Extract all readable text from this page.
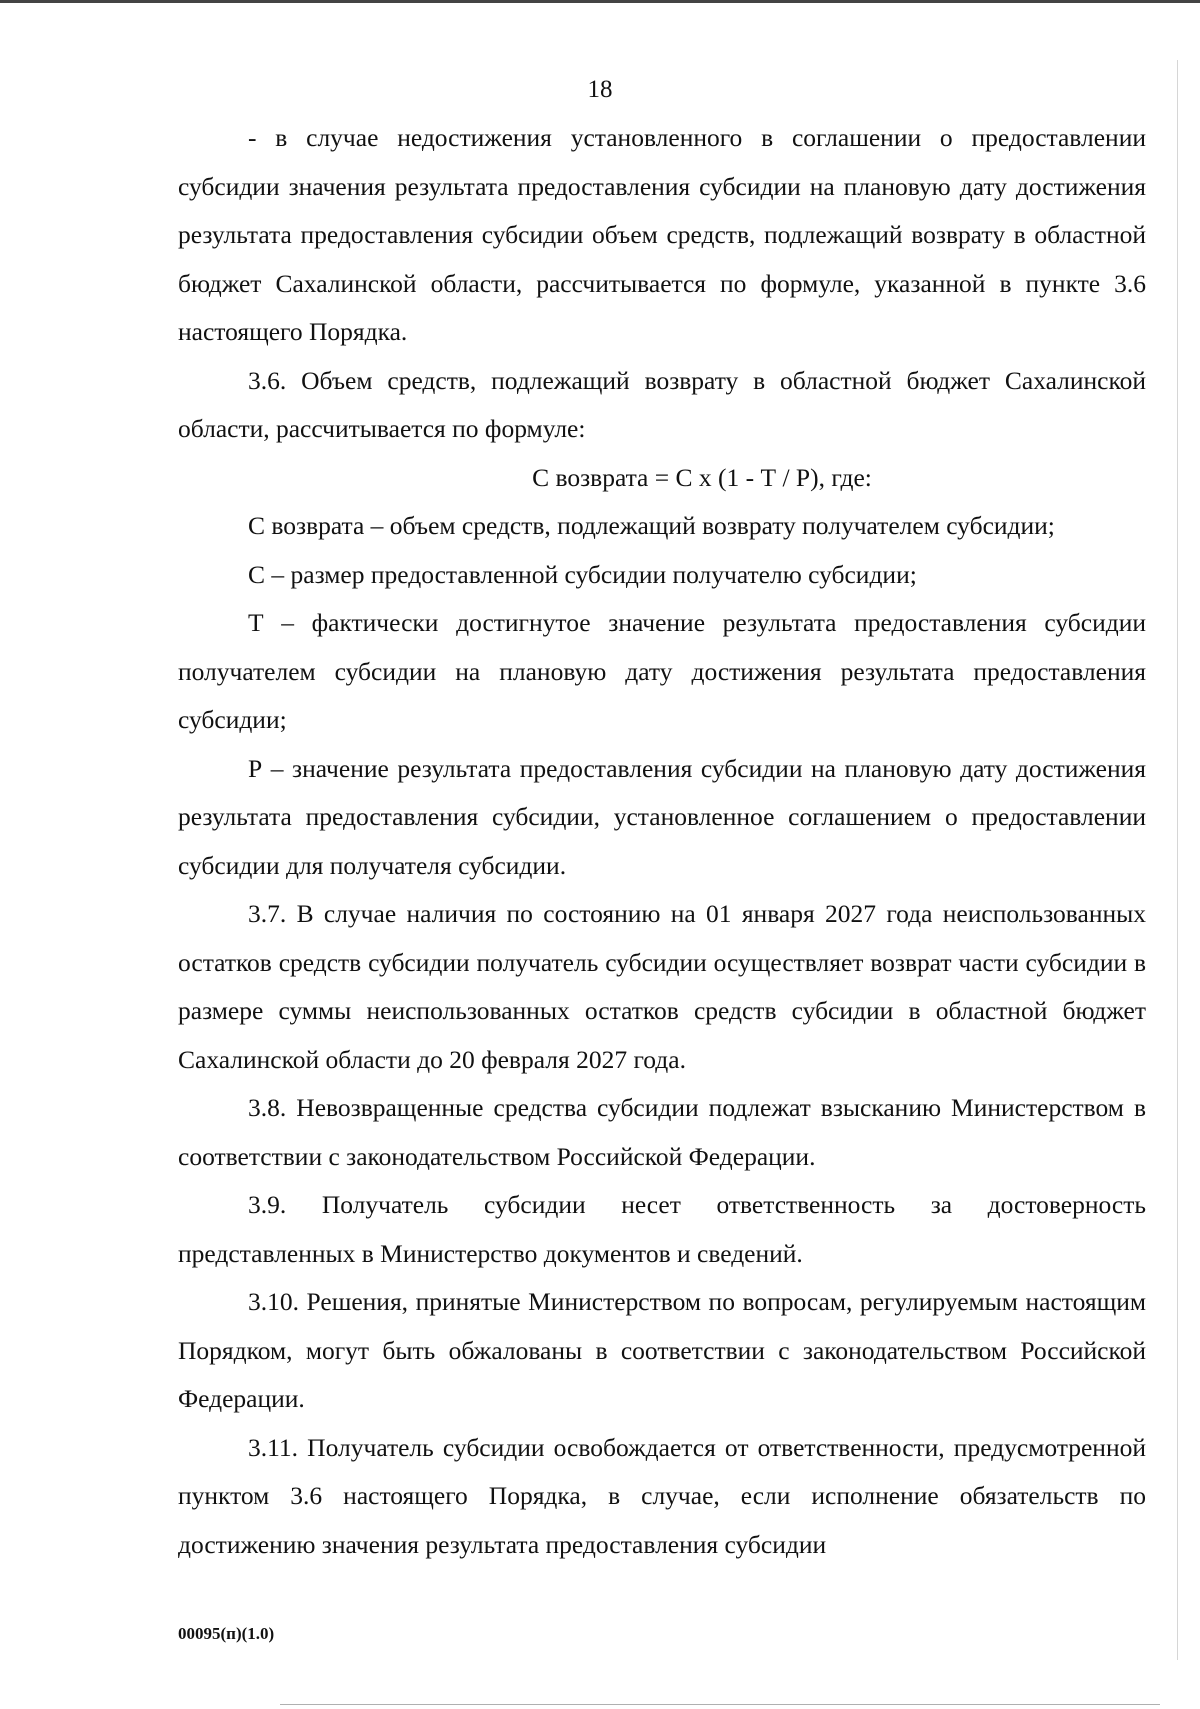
18

- в случае недостижения установленного в соглашении о предоставлении субсидии значения результата предоставления субсидии на плановую дату достижения результата предоставления субсидии объем средств, подлежащий возврату в областной бюджет Сахалинской области, рассчитывается по формуле, указанной в пункте 3.6 настоящего Порядка.

3.6. Объем средств, подлежащий возврату в областной бюджет Сахалинской области, рассчитывается по формуле:

С возврата = С х (1 - Т / Р), где:

С возврата – объем средств, подлежащий возврату получателем субсидии;

С – размер предоставленной субсидии получателю субсидии;

Т – фактически достигнутое значение результата предоставления субсидии получателем субсидии на плановую дату достижения результата предоставления субсидии;

Р – значение результата предоставления субсидии на плановую дату достижения результата предоставления субсидии, установленное соглашением о предоставлении субсидии для получателя субсидии.

3.7. В случае наличия по состоянию на 01 января 2027 года неиспользованных остатков средств субсидии получатель субсидии осуществляет возврат части субсидии в размере суммы неиспользованных остатков средств субсидии в областной бюджет Сахалинской области до 20 февраля 2027 года.

3.8. Невозвращенные средства субсидии подлежат взысканию Министерством в соответствии с законодательством Российской Федерации.

3.9. Получатель субсидии несет ответственность за достоверность представленных в Министерство документов и сведений.

3.10. Решения, принятые Министерством по вопросам, регулируемым настоящим Порядком, могут быть обжалованы в соответствии с законодательством Российской Федерации.

3.11. Получатель субсидии освобождается от ответственности, предусмотренной пунктом 3.6 настоящего Порядка, в случае, если исполнение обязательств по достижению значения результата предоставления субсидии

00095(п)(1.0)
